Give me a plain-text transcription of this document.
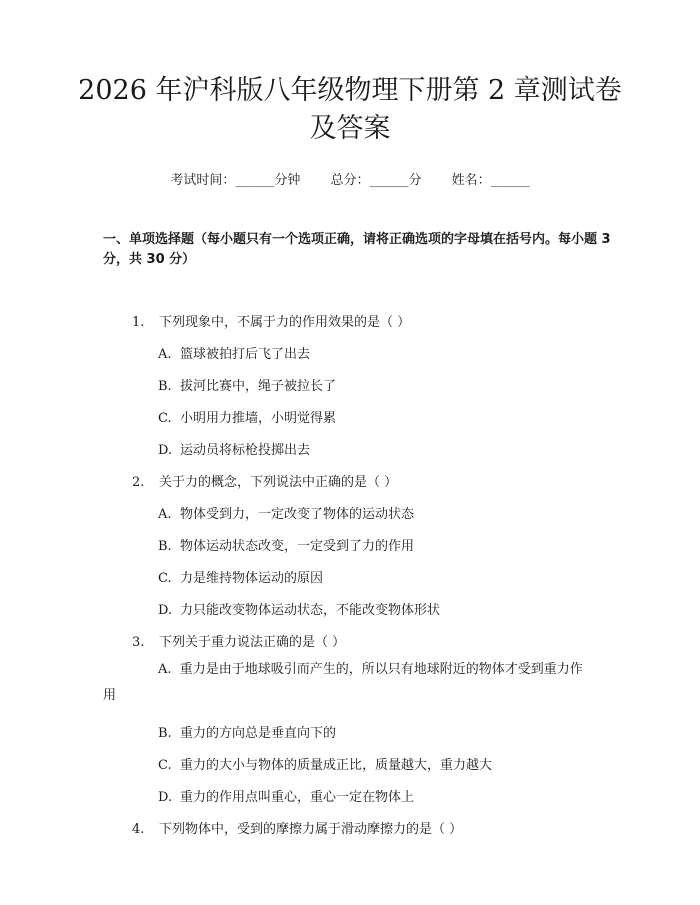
2026 年沪科版八年级物理下册第 2 章测试卷
及答案
考试时间：______分钟 总分：______分 姓名：______
一、单项选择题（每小题只有一个选项正确，请将正确选项的字母填在括号内。每小题 3 分，共 30 分）
1. 下列现象中，不属于力的作用效果的是（ ）
A. 篮球被拍打后飞了出去
B. 拔河比赛中，绳子被拉长了
C. 小明用力推墙，小明觉得累
D. 运动员将标枪投掷出去
2. 关于力的概念，下列说法中正确的是（ ）
A. 物体受到力，一定改变了物体的运动状态
B. 物体运动状态改变，一定受到了力的作用
C. 力是维持物体运动的原因
D. 力只能改变物体运动状态，不能改变物体形状
3. 下列关于重力说法正确的是（ ）
A. 重力是由于地球吸引而产生的，所以只有地球附近的物体才受到重力作用
B. 重力的方向总是垂直向下的
C. 重力的大小与物体的质量成正比，质量越大，重力越大
D. 重力的作用点叫重心，重心一定在物体上
4. 下列物体中，受到的摩擦力属于滑动摩擦力的是（ ）
